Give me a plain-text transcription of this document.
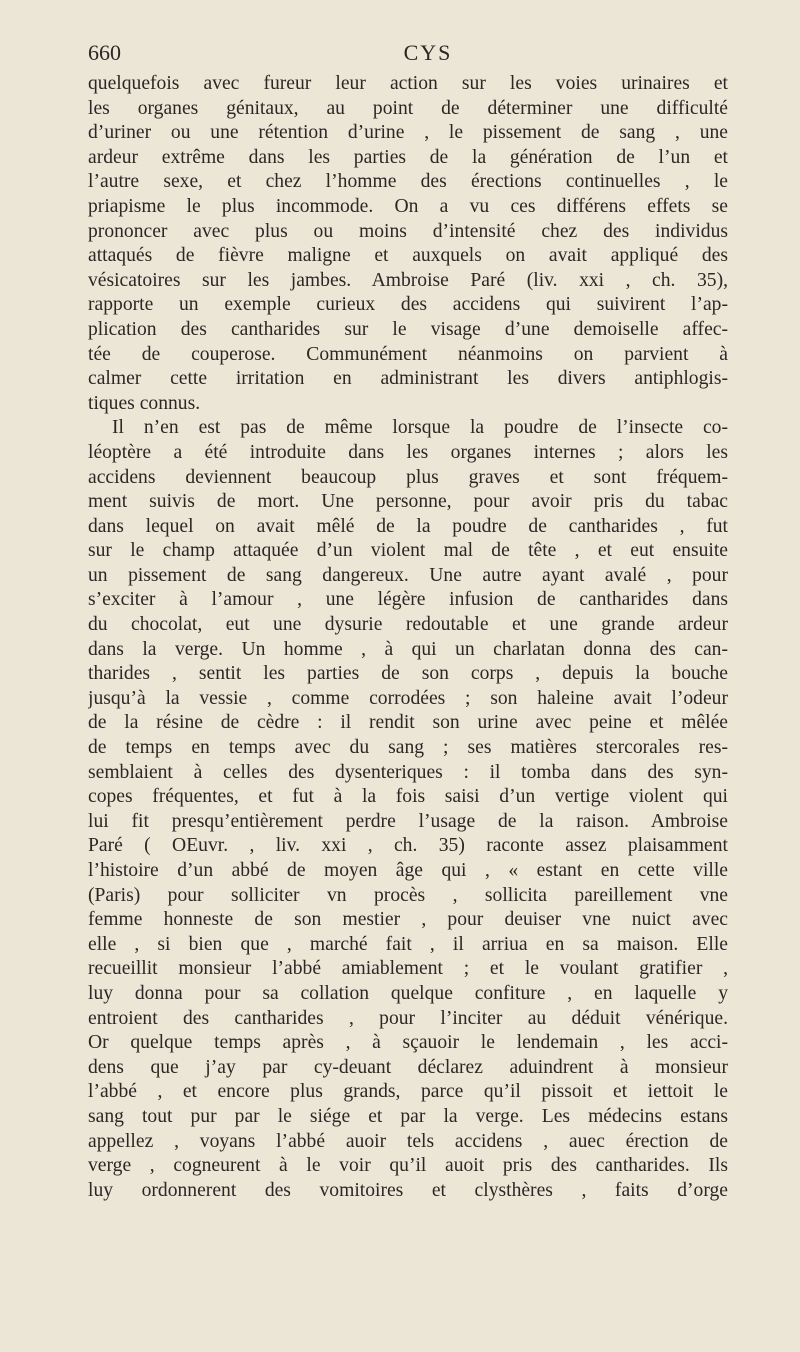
660	CYS
quelquefois avec fureur leur action sur les voies urinaires et
les organes génitaux, au point de déterminer une difficulté
d’uriner ou une rétention d’urine , le pissement de sang , une
ardeur extrême dans les parties de la génération de l’un et
l’autre sexe, et chez l’homme des érections continuelles , le
priapisme le plus incommode. On a vu ces différens effets se
prononcer avec plus ou moins d’intensité chez des individus
attaqués de fièvre maligne et auxquels on avait appliqué des
vésicatoires sur les jambes. Ambroise Paré (liv. xxi , ch. 35),
rapporte un exemple curieux des accidens qui suivirent l’ap-
plication des cantharides sur le visage d’une demoiselle affec-
tée de couperose. Communément néanmoins on parvient à
calmer cette irritation en administrant les divers antiphlogis-
tiques connus.
Il n’en est pas de même lorsque la poudre de l’insecte co-
léoptère a été introduite dans les organes internes ; alors les
accidens deviennent beaucoup plus graves et sont fréquem-
ment suivis de mort. Une personne, pour avoir pris du tabac
dans lequel on avait mêlé de la poudre de cantharides , fut
sur le champ attaquée d’un violent mal de tête , et eut ensuite
un pissement de sang dangereux. Une autre ayant avalé , pour
s’exciter à l’amour , une légère infusion de cantharides dans
du chocolat, eut une dysurie redoutable et une grande ardeur
dans la verge. Un homme , à qui un charlatan donna des can-
tharides , sentit les parties de son corps , depuis la bouche
jusqu’à la vessie , comme corrodées ; son haleine avait l’odeur
de la résine de cèdre : il rendit son urine avec peine et mêlée
de temps en temps avec du sang ; ses matières stercorales res-
semblaient à celles des dysenteriques : il tomba dans des syn-
copes fréquentes, et fut à la fois saisi d’un vertige violent qui
lui fit presqu’entièrement perdre l’usage de la raison. Ambroise
Paré ( OEuvr. , liv. xxi , ch. 35) raconte assez plaisamment
l’histoire d’un abbé de moyen âge qui , « estant en cette ville
(Paris) pour solliciter vn procès , sollicita pareillement vne
femme honneste de son mestier , pour deuiser vne nuict avec
elle , si bien que , marché fait , il arriua en sa maison. Elle
recueillit monsieur l’abbé amiablement ; et le voulant gratifier ,
luy donna pour sa collation quelque confiture , en laquelle y
entroient des cantharides , pour l’inciter au déduit vénérique.
Or quelque temps après , à sçauoir le lendemain , les acci-
dens que j’ay par cy-deuant déclarez aduindrent à monsieur
l’abbé , et encore plus grands, parce qu’il pissoit et iettoit le
sang tout pur par le siége et par la verge. Les médecins estans
appellez , voyans l’abbé auoir tels accidens , auec érection de
verge , cogneurent à le voir qu’il auoit pris des cantharides. Ils
luy ordonnerent des vomitoires et clysthères , faits d’orge
